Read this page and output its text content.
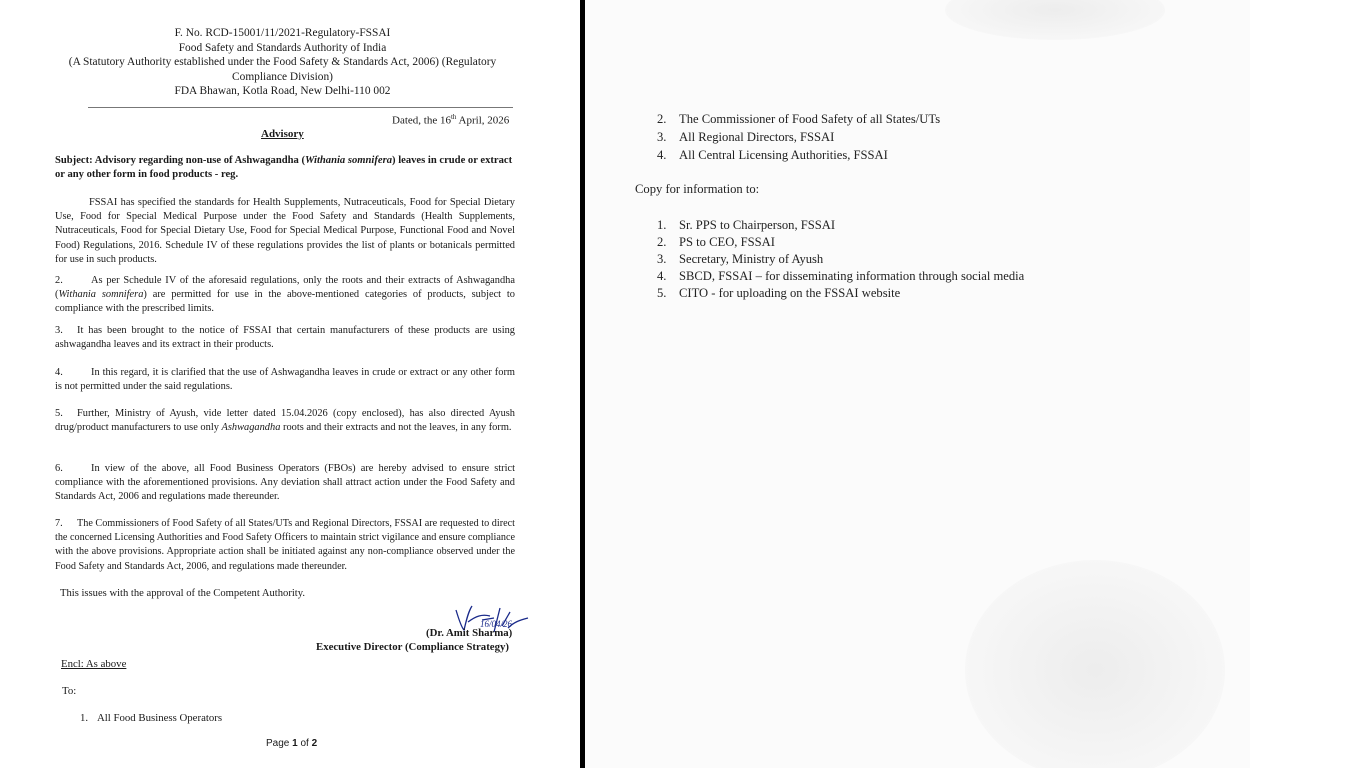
F. No. RCD-15001/11/2021-Regulatory-FSSAI
Food Safety and Standards Authority of India
(A Statutory Authority established under the Food Safety & Standards Act, 2006) (Regulatory
Compliance Division)
FDA Bhawan, Kotla Road, New Delhi-110 002
Dated, the 16th April, 2026
Advisory
Subject: Advisory regarding non-use of Ashwagandha (Withania somnifera) leaves in crude or extract or any other form in food products - reg.
FSSAI has specified the standards for Health Supplements, Nutraceuticals, Food for Special Dietary Use, Food for Special Medical Purpose under the Food Safety and Standards (Health Supplements, Nutraceuticals, Food for Special Dietary Use, Food for Special Medical Purpose, Functional Food and Novel Food) Regulations, 2016. Schedule IV of these regulations provides the list of plants or botanicals permitted for use in such products.
2.	As per Schedule IV of the aforesaid regulations, only the roots and their extracts of Ashwagandha (Withania somnifera) are permitted for use in the above-mentioned categories of products, subject to compliance with the prescribed limits.
3. It has been brought to the notice of FSSAI that certain manufacturers of these products are using ashwagandha leaves and its extract in their products.
4.	In this regard, it is clarified that the use of Ashwagandha leaves in crude or extract or any other form is not permitted under the said regulations.
5. Further, Ministry of Ayush, vide letter dated 15.04.2026 (copy enclosed), has also directed Ayush drug/product manufacturers to use only Ashwagandha roots and their extracts and not the leaves, in any form.
6.	In view of the above, all Food Business Operators (FBOs) are hereby advised to ensure strict compliance with the aforementioned provisions. Any deviation shall attract action under the Food Safety and Standards Act, 2006 and regulations made thereunder.
7. The Commissioners of Food Safety of all States/UTs and Regional Directors, FSSAI are requested to direct the concerned Licensing Authorities and Food Safety Officers to maintain strict vigilance and ensure compliance with the above provisions. Appropriate action shall be initiated against any non-compliance observed under the Food Safety and Standards Act, 2006, and regulations made thereunder.
This issues with the approval of the Competent Authority.
16/04/26
(Dr. Amit Sharma)
Executive Director (Compliance Strategy)
Encl: As above
To:
1. All Food Business Operators
Page 1 of 2
2. The Commissioner of Food Safety of all States/UTs
3. All Regional Directors, FSSAI
4. All Central Licensing Authorities, FSSAI
Copy for information to:
1. Sr. PPS to Chairperson, FSSAI
2. PS to CEO, FSSAI
3. Secretary, Ministry of Ayush
4. SBCD, FSSAI – for disseminating information through social media
5. CITO - for uploading on the FSSAI website
